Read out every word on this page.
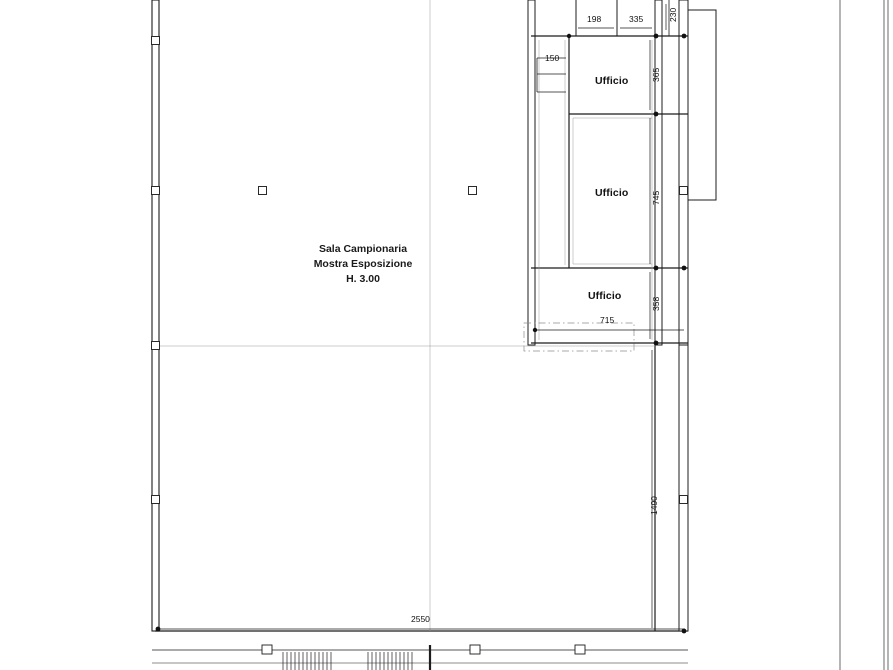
Sala Campionaria
Mostra Esposizione
H. 3.00
Ufficio
Ufficio
Ufficio
198	335	230
150
365
745
358
715
1490
2550
